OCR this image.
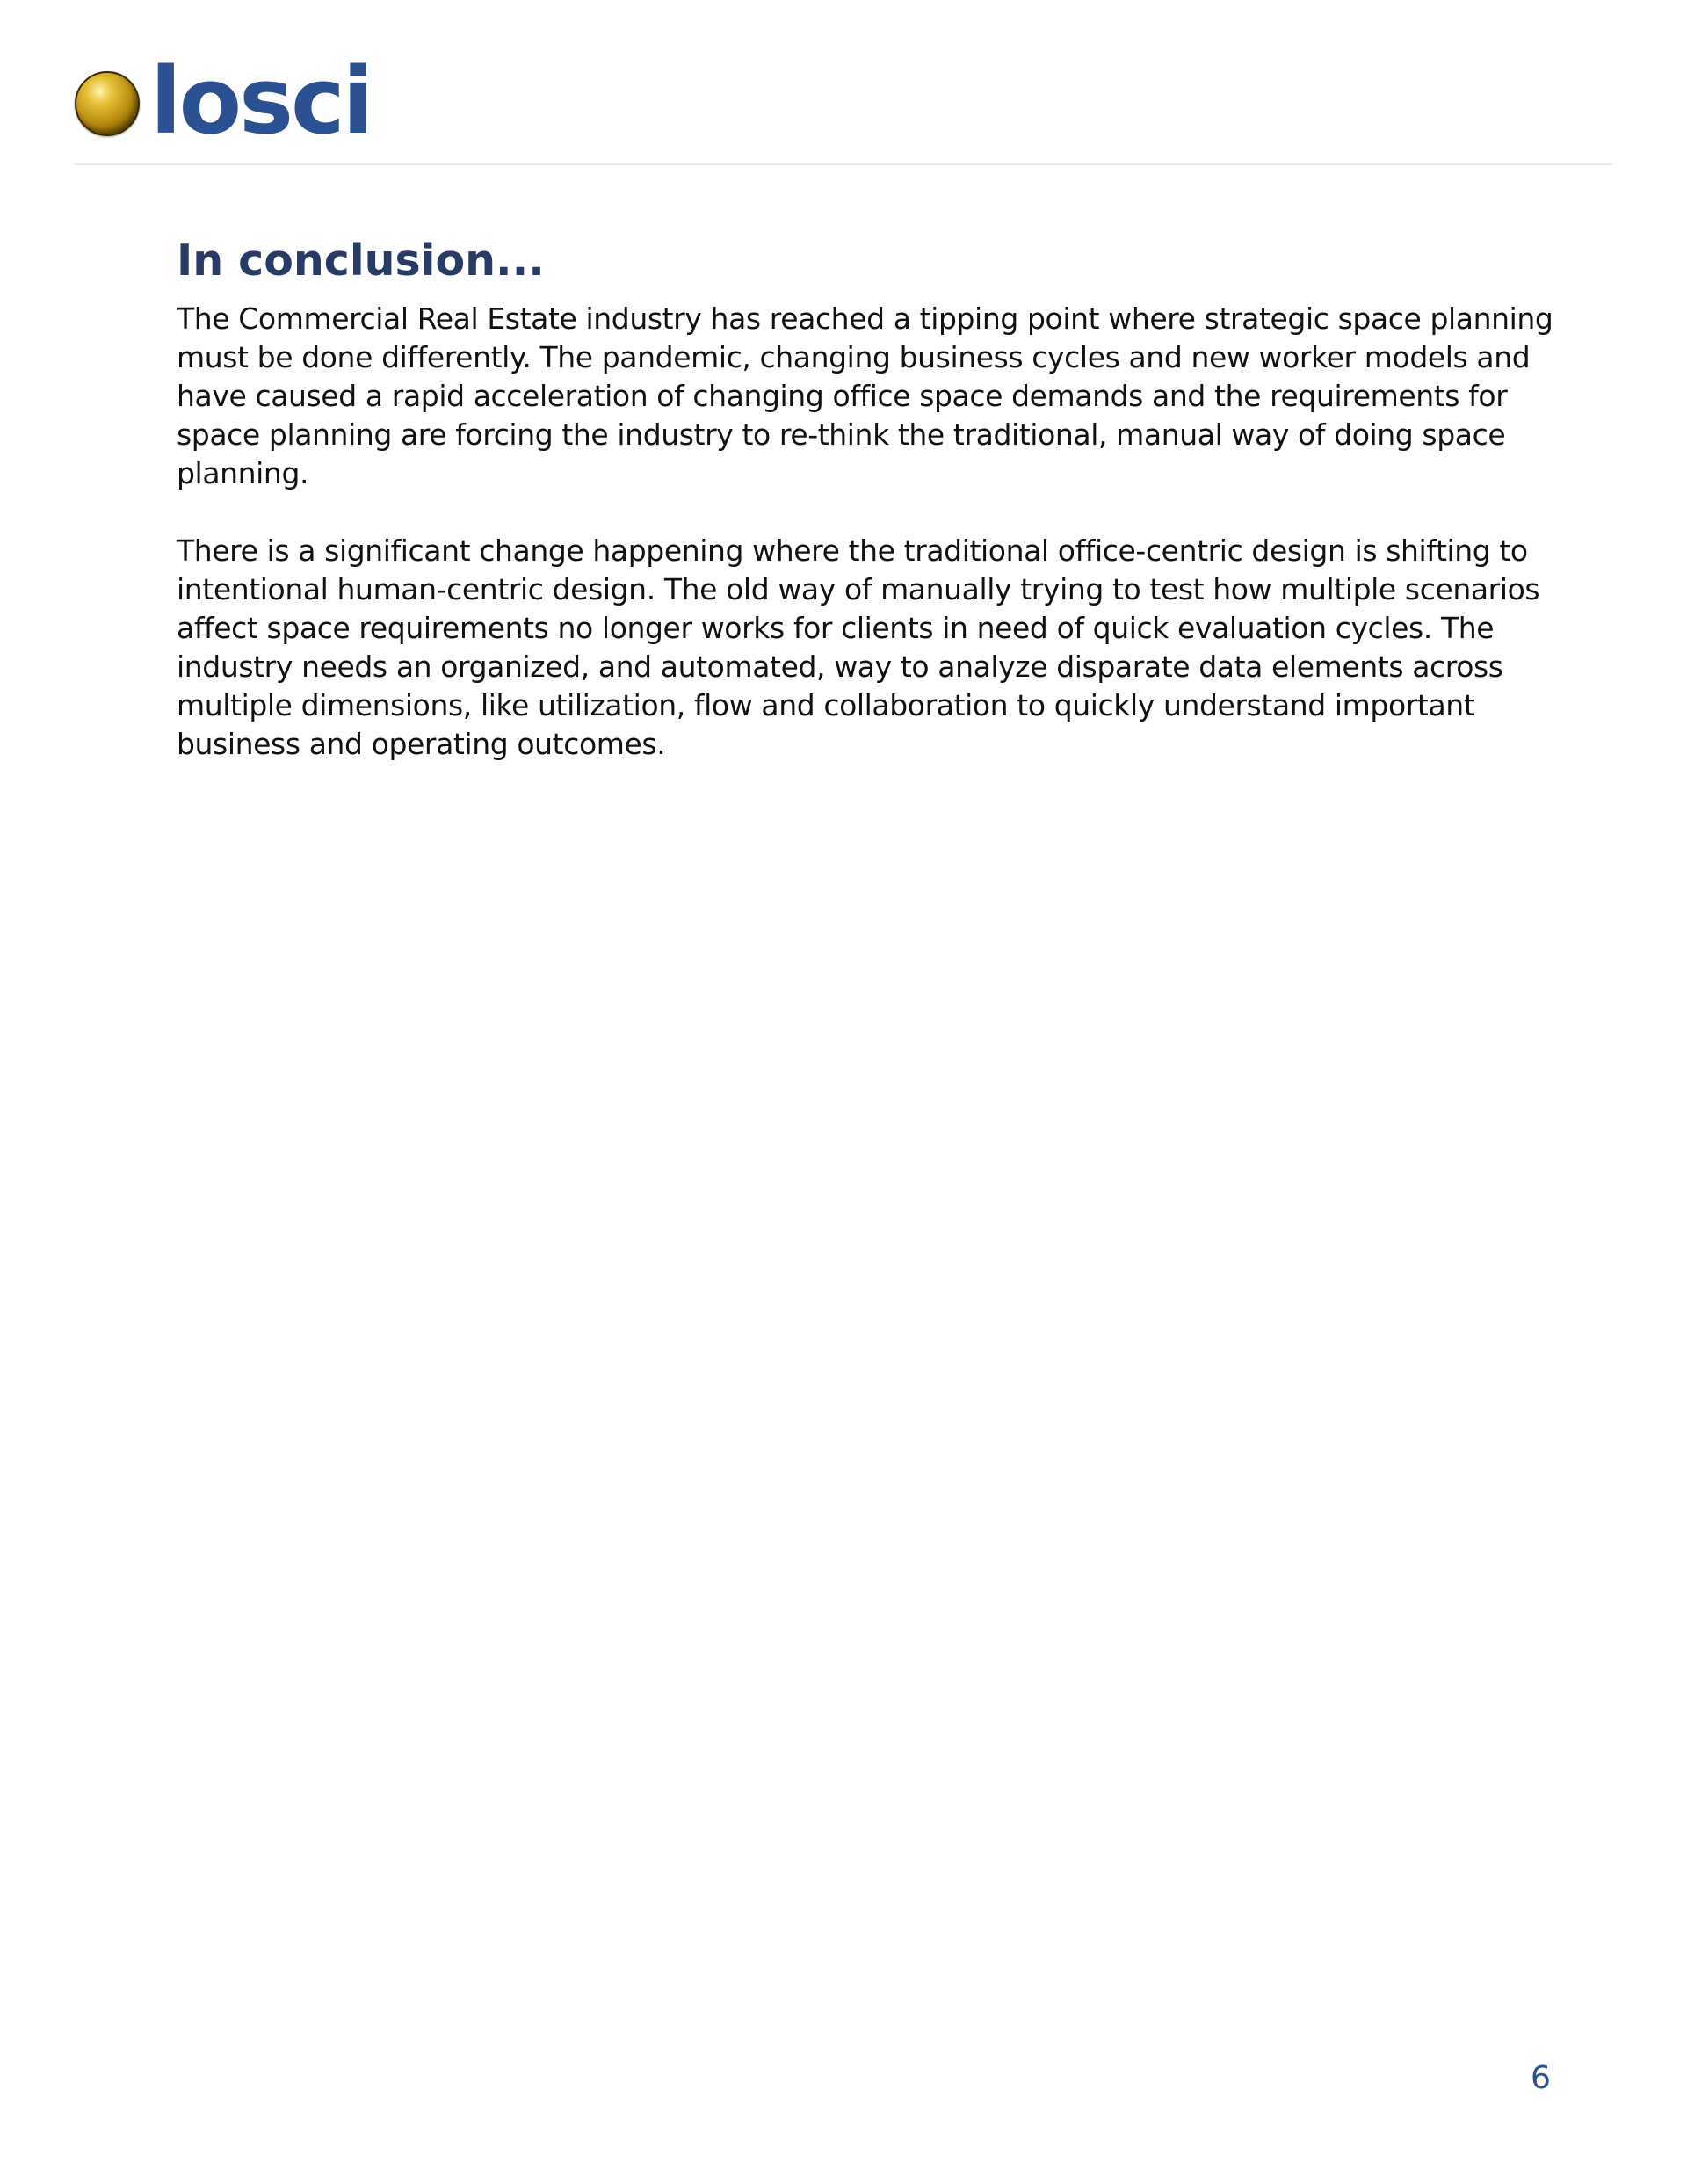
losci
In conclusion...

The Commercial Real Estate industry has reached a tipping point where strategic space planning
must be done differently. The pandemic, changing business cycles and new worker models and
have caused a rapid acceleration of changing office space demands and the requirements for
space planning are forcing the industry to re-think the traditional, manual way of doing space
planning.

There is a significant change happening where the traditional office-centric design is shifting to
intentional human-centric design. The old way of manually trying to test how multiple scenarios
affect space requirements no longer works for clients in need of quick evaluation cycles. The
industry needs an organized, and automated, way to analyze disparate data elements across
multiple dimensions, like utilization, flow and collaboration to quickly understand important
business and operating outcomes.

6
